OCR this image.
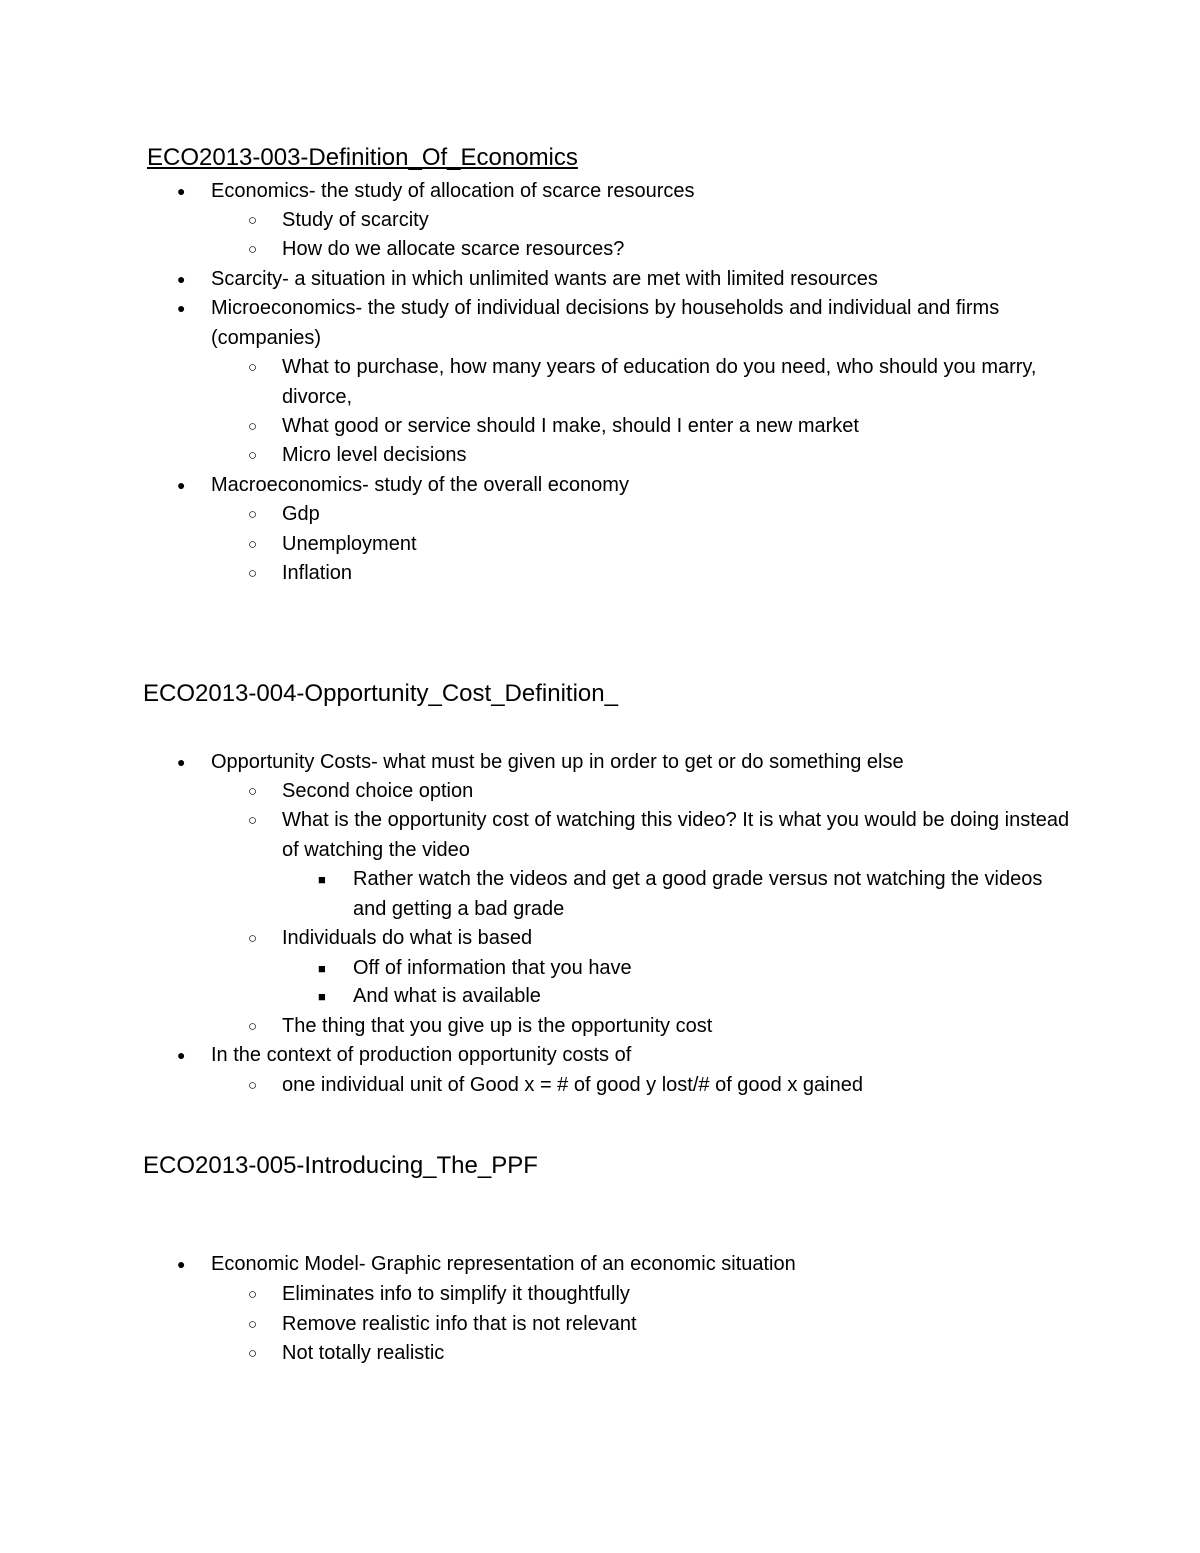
ECO2013-003-Definition_Of_Economics
● Economics- the study of allocation of scarce resources
○ Study of scarcity
○ How do we allocate scarce resources?
● Scarcity- a situation in which unlimited wants are met with limited resources
● Microeconomics- the study of individual decisions by households and individual and firms (companies)
○ What to purchase, how many years of education do you need, who should you marry, divorce,
○ What good or service should I make, should I enter a new market
○ Micro level decisions
● Macroeconomics- study of the overall economy
○ Gdp
○ Unemployment
○ Inflation
ECO2013-004-Opportunity_Cost_Definition_
● Opportunity Costs- what must be given up in order to get or do something else
○ Second choice option
○ What is the opportunity cost of watching this video? It is what you would be doing instead of watching the video
■ Rather watch the videos and get a good grade versus not watching the videos and getting a bad grade
○ Individuals do what is based
■ Off of information that you have
■ And what is available
○ The thing that you give up is the opportunity cost
● In the context of production opportunity costs of
○ one individual unit of Good x = # of good y lost/# of good x gained
ECO2013-005-Introducing_The_PPF
● Economic Model- Graphic representation of an economic situation
○ Eliminates info to simplify it thoughtfully
○ Remove realistic info that is not relevant
○ Not totally realistic
